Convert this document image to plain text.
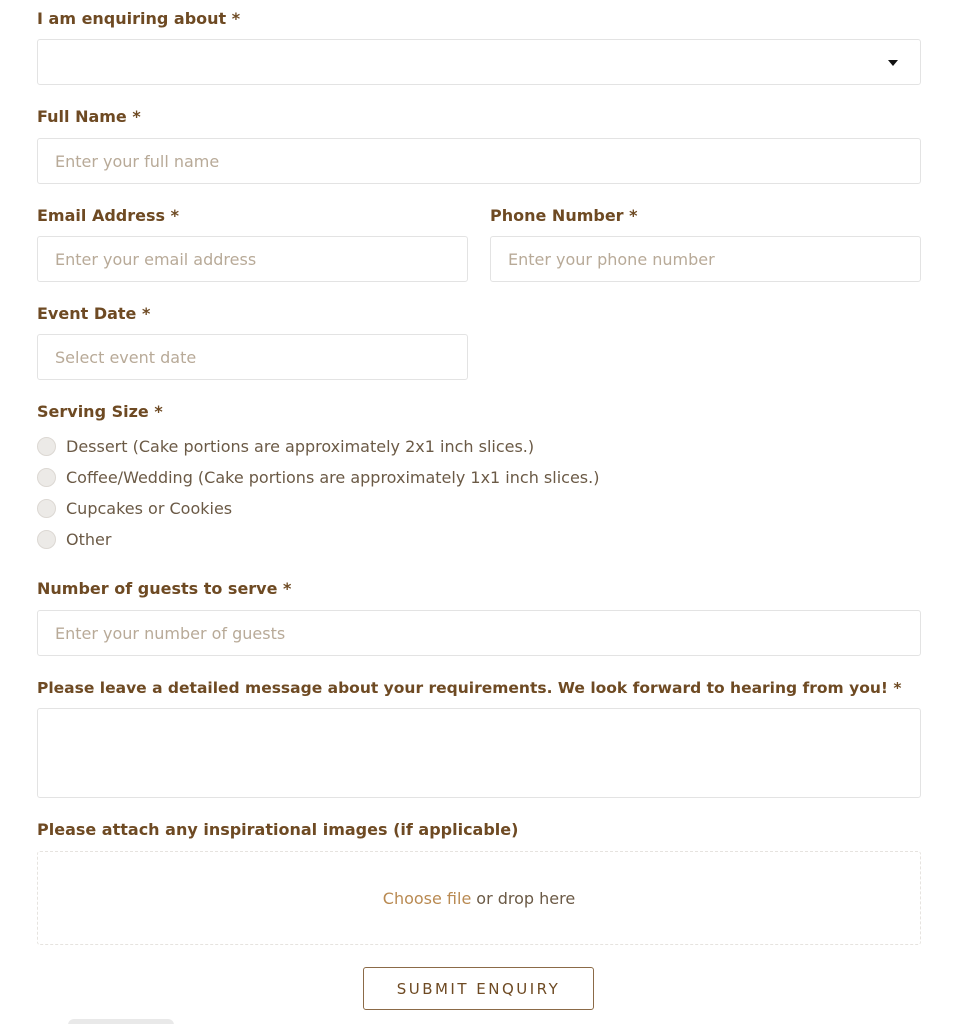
I am enquiring about *
Full Name *
Enter your full name
Email Address *
Enter your email address	Phone Number *
Enter your phone number
Event Date *
Select event date
Serving Size *
Dessert (Cake portions are approximately 2x1 inch slices.)
Coffee/Wedding (Cake portions are approximately 1x1 inch slices.)
Cupcakes or Cookies
Other
Number of guests to serve *
Enter your number of guests
Please leave a detailed message about your requirements. We look forward to hearing from you! *
Please attach any inspirational images (if applicable)
Choose file or drop here
SUBMIT ENQUIRY
